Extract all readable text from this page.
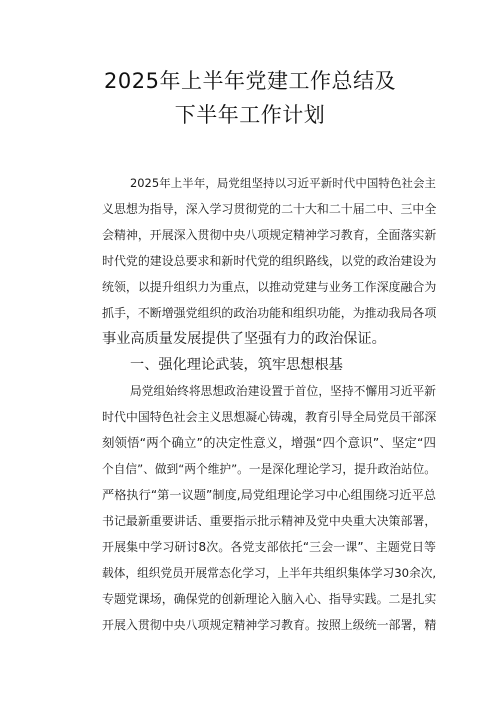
2025年上半年党建工作总结及
下半年工作计划
2025年上半年，局党组坚持以习近平新时代中国特色社会主
义思想为指导，深入学习贯彻党的二十大和二十届二中、三中全
会精神，开展深入贯彻中央八项规定精神学习教育，全面落实新
时代党的建设总要求和新时代党的组织路线，以党的政治建设为
统领，以提升组织力为重点，以推动党建与业务工作深度融合为
抓手，不断增强党组织的政治功能和组织功能，为推动我局各项
事业高质量发展提供了坚强有力的政治保证。
一、强化理论武装，筑牢思想根基
局党组始终将思想政治建设置于首位，坚持不懈用习近平新
时代中国特色社会主义思想凝心铸魂，教育引导全局党员干部深
刻领悟“两个确立”的决定性意义，增强“四个意识”、坚定“四
个自信”、做到“两个维护”。一是深化理论学习，提升政治站位。
严格执行“第一议题”制度,局党组理论学习中心组围绕习近平总
书记最新重要讲话、重要指示批示精神及党中央重大决策部署，
开展集中学习研讨8次。各党支部依托“三会一课”、主题党日等
载体，组织党员开展常态化学习，上半年共组织集体学习30余次,
专题党课场，确保党的创新理论入脑入心、指导实践。二是扎实
开展入贯彻中央八项规定精神学习教育。按照上级统一部署，精
